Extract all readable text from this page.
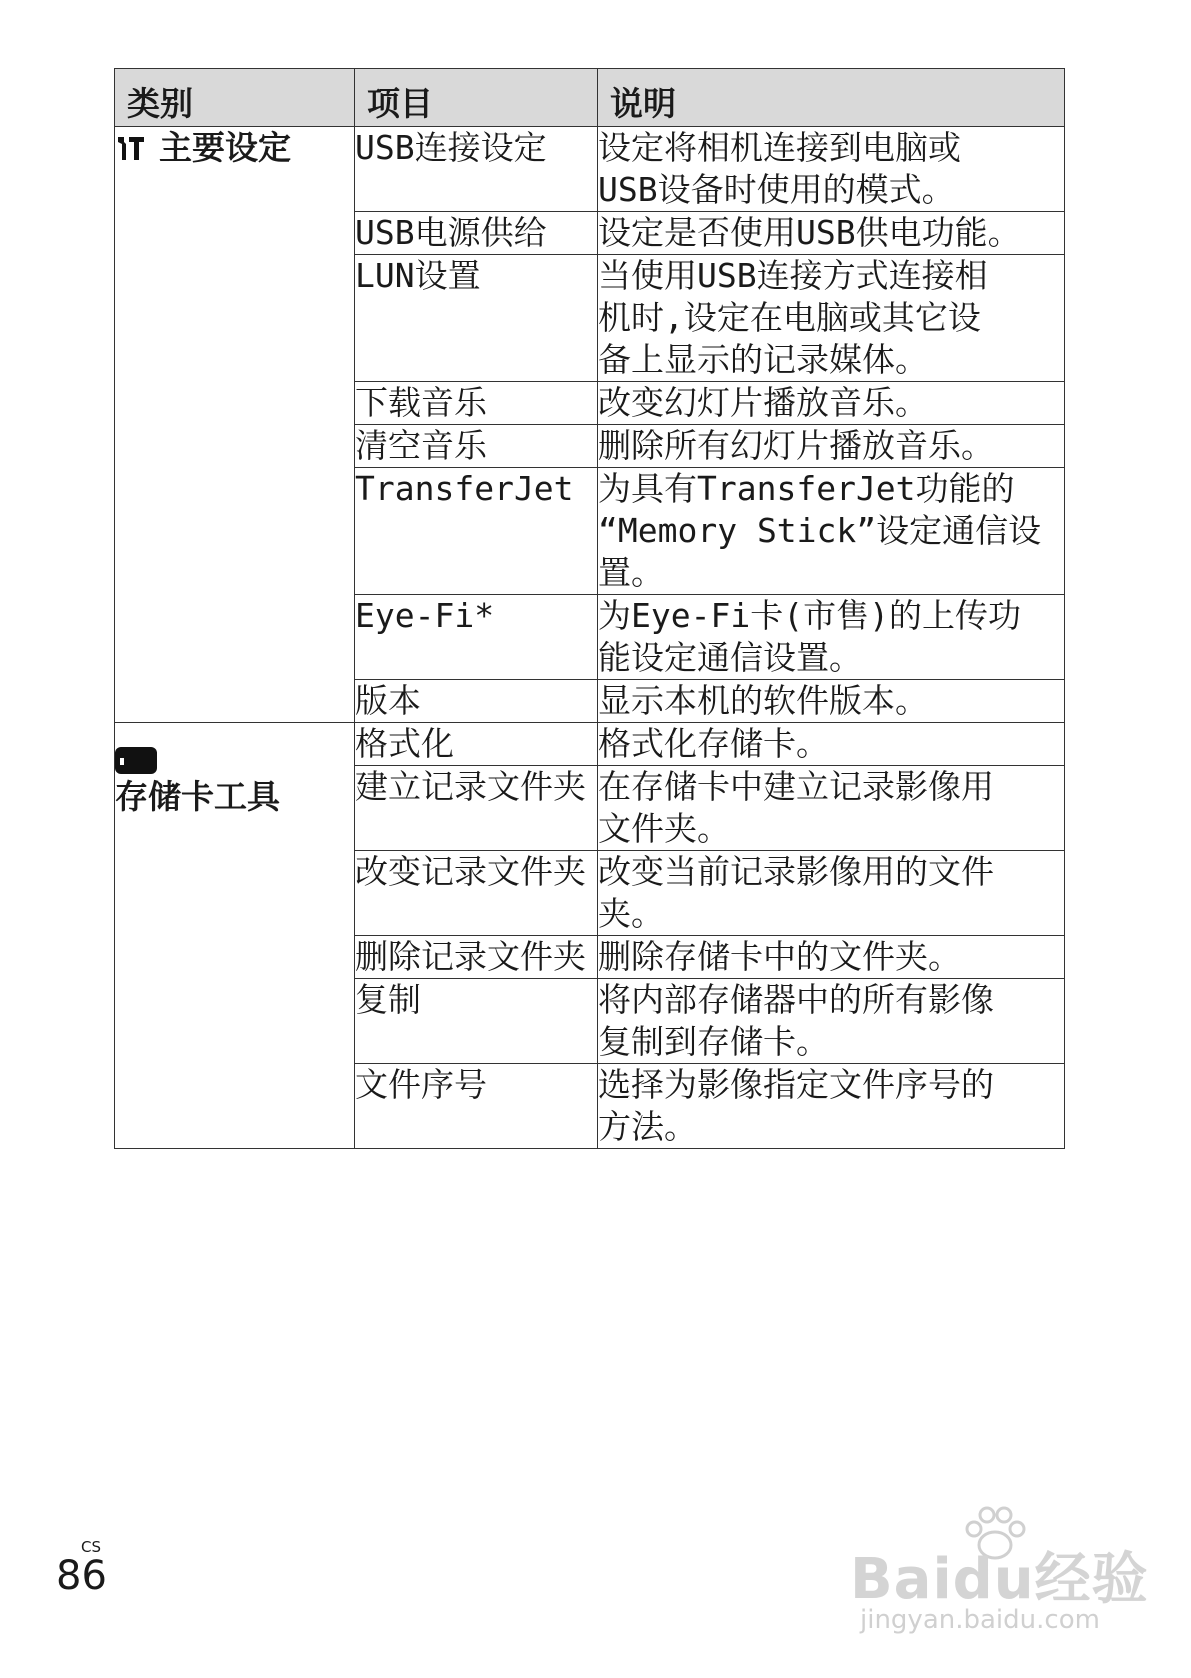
类别	项目	说明

主要设定	USB连接设定	设定将相机连接到电脑或
USB设备时使用的模式。
	USB电源供给	设定是否使用USB供电功能。
	LUN设置	当使用USB连接方式连接相
机时,设定在电脑或其它设
备上显示的记录媒体。
	下载音乐	改变幻灯片播放音乐。
	清空音乐	删除所有幻灯片播放音乐。
	TransferJet	为具有TransferJet功能的
“Memory Stick”设定通信设
置。
	Eye-Fi*	为Eye-Fi卡(市售)的上传功
能设定通信设置。
	版本	显示本机的软件版本。

存储卡工具	格式化	格式化存储卡。
	建立记录文件夹	在存储卡中建立记录影像用
文件夹。
	改变记录文件夹	改变当前记录影像用的文件
夹。
	删除记录文件夹	删除存储卡中的文件夹。
	复制	将内部存储器中的所有影像
复制到存储卡。
	文件序号	选择为影像指定文件序号的
方法。
CS
86	Baidu经验
jingyan.baidu.com
